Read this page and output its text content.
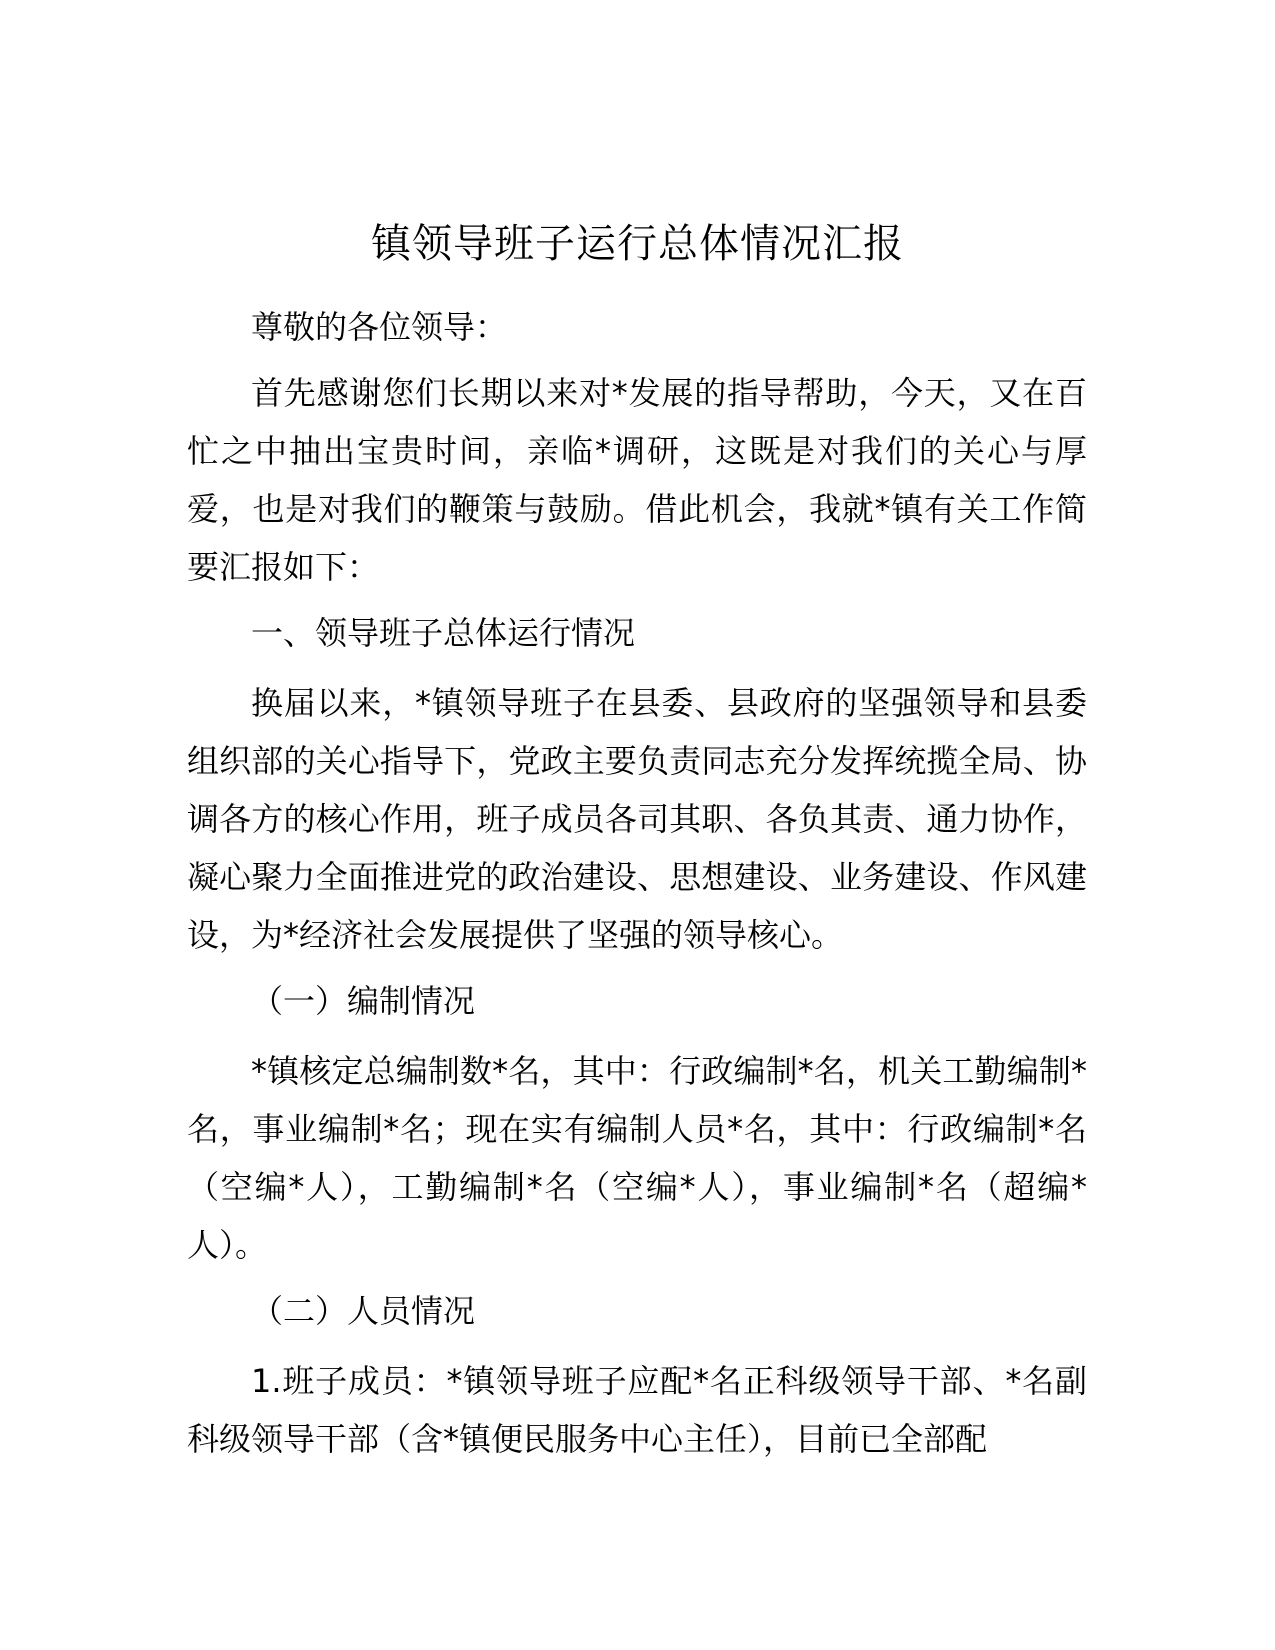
镇领导班子运行总体情况汇报

尊敬的各位领导：

首先感谢您们长期以来对*发展的指导帮助，今天，又在百忙之中抽出宝贵时间，亲临*调研，这既是对我们的关心与厚爱，也是对我们的鞭策与鼓励。借此机会，我就*镇有关工作简要汇报如下：

一、领导班子总体运行情况

换届以来，*镇领导班子在县委、县政府的坚强领导和县委组织部的关心指导下，党政主要负责同志充分发挥统揽全局、协调各方的核心作用，班子成员各司其职、各负其责、通力协作，凝心聚力全面推进党的政治建设、思想建设、业务建设、作风建设，为*经济社会发展提供了坚强的领导核心。

（一）编制情况

*镇核定总编制数*名，其中：行政编制*名，机关工勤编制*名，事业编制*名；现在实有编制人员*名，其中：行政编制*名（空编*人），工勤编制*名（空编*人），事业编制*名（超编*人）。

（二）人员情况

1.班子成员：*镇领导班子应配*名正科级领导干部、*名副科级领导干部（含*镇便民服务中心主任），目前已全部配
